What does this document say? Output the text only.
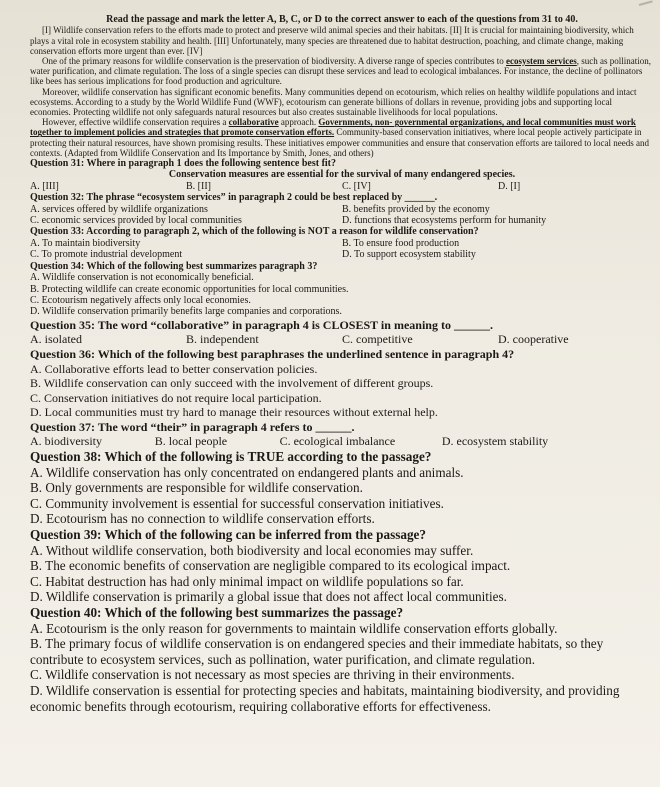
Read the passage and mark the letter A, B, C, or D to the correct answer to each of the questions from 31 to 40.

[I] Wildlife conservation refers to the efforts made to protect and preserve wild animal species and their habitats. [II] It is crucial for maintaining biodiversity, which plays a vital role in ecosystem stability and health. [III] Unfortunately, many species are threatened due to habitat destruction, poaching, and climate change, making conservation efforts more urgent than ever. [IV]

One of the primary reasons for wildlife conservation is the preservation of biodiversity. A diverse range of species contributes to ecosystem services, such as pollination, water purification, and climate regulation. The loss of a single species can disrupt these services and lead to ecological imbalances. For instance, the decline of pollinators like bees has serious implications for food production and agriculture.

Moreover, wildlife conservation has significant economic benefits. Many communities depend on ecotourism, which relies on healthy wildlife populations and intact ecosystems. According to a study by the World Wildlife Fund (WWF), ecotourism can generate billions of dollars in revenue, providing jobs and supporting local economies. Protecting wildlife not only safeguards natural resources but also creates sustainable livelihoods for local populations.

However, effective wildlife conservation requires a collaborative approach. Governments, non- governmental organizations, and local communities must work together to implement policies and strategies that promote conservation efforts. Community-based conservation initiatives, where local people actively participate in protecting their natural resources, have shown promising results. These initiatives empower communities and ensure that conservation efforts are tailored to local needs and contexts. (Adapted from Wildlife Conservation and Its Importance by Smith, Jones, and others)

Question 31: Where in paragraph 1 does the following sentence best fit?

Conservation measures are essential for the survival of many endangered species.

A. [III]	B. [II]	C. [IV]	D. [I]

Question 32: The phrase “ecosystem services” in paragraph 2 could be best replaced by ______.

A. services offered by wildlife organizations	B. benefits provided by the economy
C. economic services provided by local communities	D. functions that ecosystems perform for humanity

Question 33: According to paragraph 2, which of the following is NOT a reason for wildlife conservation?

A. To maintain biodiversity	B. To ensure food production
C. To promote industrial development	D. To support ecosystem stability

Question 34: Which of the following best summarizes paragraph 3?

A. Wildlife conservation is not economically beneficial.

B. Protecting wildlife can create economic opportunities for local communities.

C. Ecotourism negatively affects only local economies.

D. Wildlife conservation primarily benefits large companies and corporations.

Question 35: The word “collaborative” in paragraph 4 is CLOSEST in meaning to ______.

A. isolated	B. independent	C. competitive	D. cooperative

Question 36: Which of the following best paraphrases the underlined sentence in paragraph 4?

A. Collaborative efforts lead to better conservation policies.

B. Wildlife conservation can only succeed with the involvement of different groups.

C. Conservation initiatives do not require local participation.

D. Local communities must try hard to manage their resources without external help.

Question 37: The word “their” in paragraph 4 refers to ______.

A. biodiversity	B. local people	C. ecological imbalance	D. ecosystem stability

Question 38: Which of the following is TRUE according to the passage?

A. Wildlife conservation has only concentrated on endangered plants and animals.

B. Only governments are responsible for wildlife conservation.

C. Community involvement is essential for successful conservation initiatives.

D. Ecotourism has no connection to wildlife conservation efforts.

Question 39: Which of the following can be inferred from the passage?

A. Without wildlife conservation, both biodiversity and local economies may suffer.

B. The economic benefits of conservation are negligible compared to its ecological impact.

C. Habitat destruction has had only minimal impact on wildlife populations so far.

D. Wildlife conservation is primarily a global issue that does not affect local communities.

Question 40: Which of the following best summarizes the passage?

A. Ecotourism is the only reason for governments to maintain wildlife conservation efforts globally.

B. The primary focus of wildlife conservation is on endangered species and their immediate habitats, so they contribute to ecosystem services, such as pollination, water purification, and climate regulation.

C. Wildlife conservation is not necessary as most species are thriving in their environments.

D. Wildlife conservation is essential for protecting species and habitats, maintaining biodiversity, and providing economic benefits through ecotourism, requiring collaborative efforts for effectiveness.
